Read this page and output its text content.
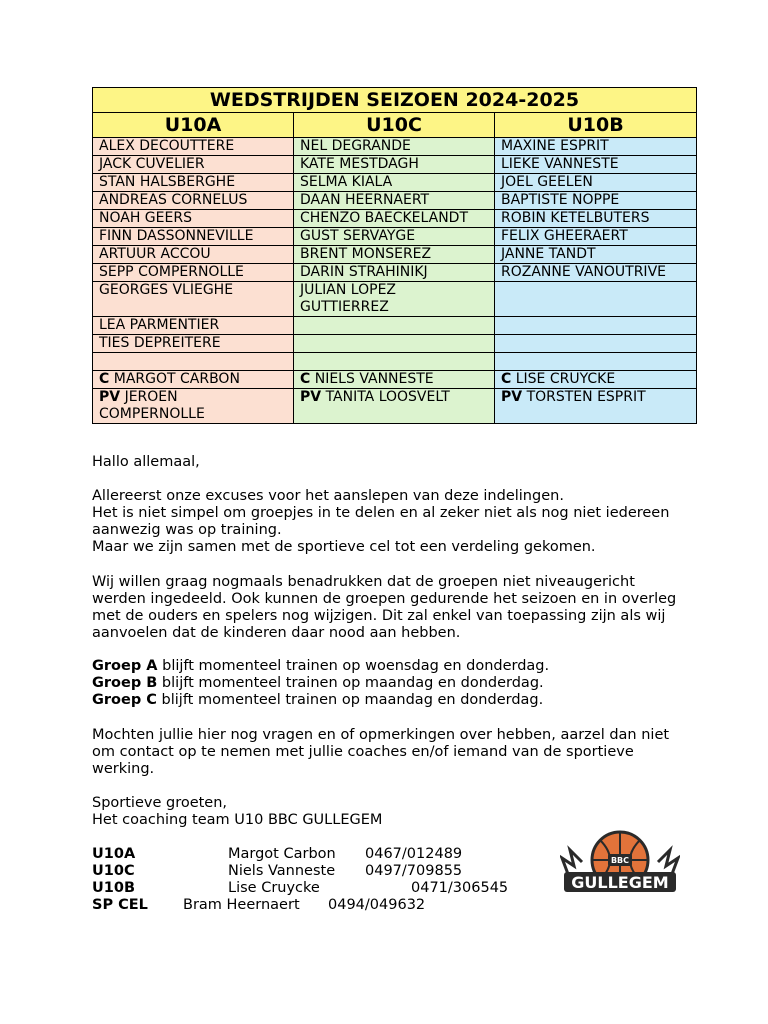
WEDSTRIJDEN SEIZOEN 2024-2025		
U10A	U10C	U10B
ALEX DECOUTTERE	NEL DEGRANDE	MAXINE ESPRIT
JACK CUVELIER	KATE MESTDAGH	LIEKE VANNESTE
STAN HALSBERGHE	SELMA KIALA	JOEL GEELEN
ANDREAS CORNELUS	DAAN HEERNAERT	BAPTISTE NOPPE
NOAH GEERS	CHENZO BAECKELANDT	ROBIN KETELBUTERS
FINN DASSONNEVILLE	GUST SERVAYGE	FELIX GHEERAERT
ARTUUR ACCOU	BRENT MONSEREZ	JANNE TANDT
SEPP COMPERNOLLE	DARIN STRAHINIKJ	ROZANNE VANOUTRIVE
GEORGES VLIEGHE	JULIAN LOPEZ GUTTIERREZ	
LEA PARMENTIER		
TIES DEPREITERE		

C MARGOT CARBON	C NIELS VANNESTE	C LISE CRUYCKE
PV JEROEN COMPERNOLLE	PV TANITA LOOSVELT	PV TORSTEN ESPRIT

Hallo allemaal,

Allereerst onze excuses voor het aanslepen van deze indelingen.
Het is niet simpel om groepjes in te delen en al zeker niet als nog niet iedereen aanwezig was op training.
Maar we zijn samen met de sportieve cel tot een verdeling gekomen.

Wij willen graag nogmaals benadrukken dat de groepen niet niveaugericht werden ingedeeld. Ook kunnen de groepen gedurende het seizoen en in overleg met de ouders en spelers nog wijzigen. Dit zal enkel van toepassing zijn als wij aanvoelen dat de kinderen daar nood aan hebben.

Groep A blijft momenteel trainen op woensdag en donderdag.
Groep B blijft momenteel trainen op maandag en donderdag.
Groep C blijft momenteel trainen op maandag en donderdag.

Mochten jullie hier nog vragen en of opmerkingen over hebben, aarzel dan niet om contact op te nemen met jullie coaches en/of iemand van de sportieve werking.

Sportieve groeten,

Het coaching team U10 BBC GULLEGEM

U10A	Margot Carbon 0467/012489
U10C	Niels Vanneste 0497/709855
U10B	Lise Cruycke	0471/306545
SP CEL Bram Heernaert 0494/049632
BBC
GULLEGEM
